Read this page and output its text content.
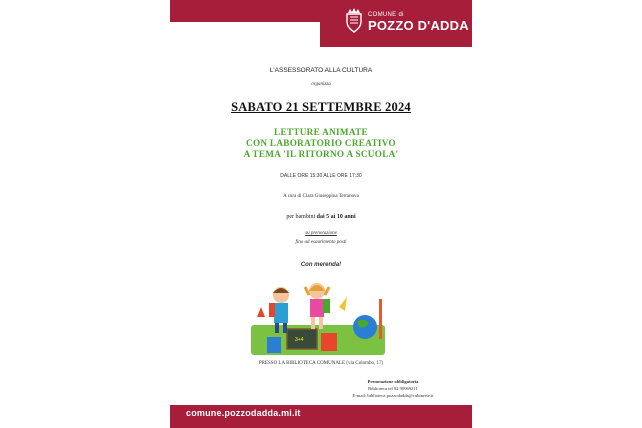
COMUNE di
POZZO D'ADDA
L'ASSESSORATO ALLA CULTURA
organizza
SABATO 21 SETTEMBRE 2024
LETTURE ANIMATE
CON LABORATORIO CREATIVO
A TEMA 'IL RITORNO A SCUOLA'
DALLE ORE 15:30 ALLE ORE 17:30
A cura di Clara Giuseppina Terranova
per bambini dai 5 ai 10 anni
su prenotazione
fino ad esaurimento posti
Con merenda!
3+4
PRESSO LA BIBLIOTECA COMUNALE (via Colombo, 17)
Prenotazione obbligatoria
Biblioteca tel 02 90969211
E-mail: biblioteca.pozzodadda@cubinrete.it
comune.pozzodadda.mi.it
